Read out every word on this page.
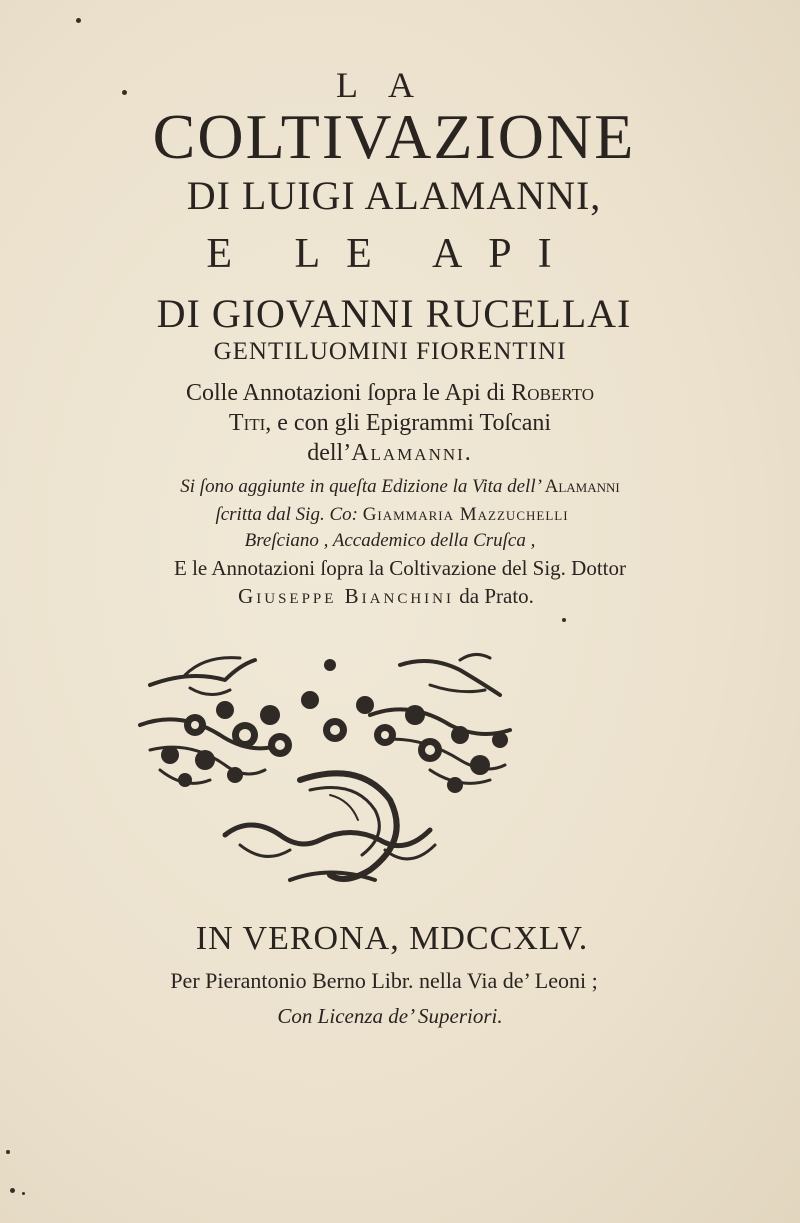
LA
COLTIVAZIONE
DI LUIGI ALAMANNI,
E LE API
DI GIOVANNI RUCELLAI
GENTILUOMINI FIORENTINI
Colle Annotazioni ſopra le Api di Roberto
Titi, e con gli Epigrammi Toſcani
dell’Alamanni.
Si ſono aggiunte in queſta Edizione la Vita dell’ Alamanni
ſcritta dal Sig. Co: Giammaria Mazzuchelli
Breſciano , Accademico della Cruſca ,
E le Annotazioni ſopra la Coltivazione del Sig. Dottor
Giuseppe Bianchini da Prato.
IN VERONA, MDCCXLV.
Per Pierantonio Berno Libr. nella Via de’ Leoni ;
Con Licenza de’ Superiori.
